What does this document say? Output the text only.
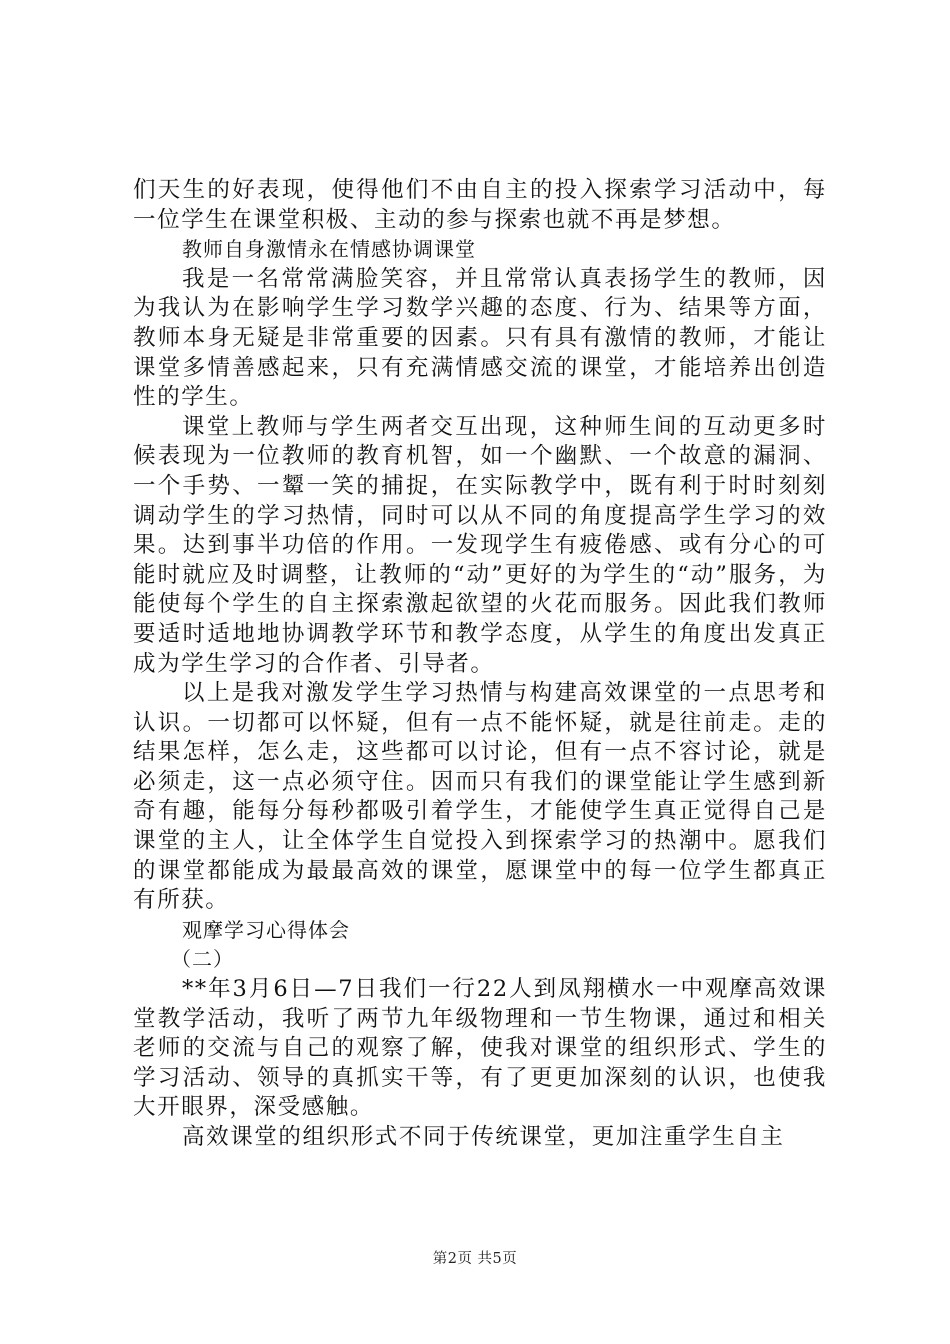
们天生的好表现，使得他们不由自主的投入探索学习活动中，每一位学生在课堂积极、主动的参与探索也就不再是梦想。

教师自身激情永在情感协调课堂

我是一名常常满脸笑容，并且常常认真表扬学生的教师，因为我认为在影响学生学习数学兴趣的态度、行为、结果等方面，教师本身无疑是非常重要的因素。只有具有激情的教师，才能让课堂多情善感起来，只有充满情感交流的课堂，才能培养出创造性的学生。

课堂上教师与学生两者交互出现，这种师生间的互动更多时候表现为一位教师的教育机智，如一个幽默、一个故意的漏洞、一个手势、一颦一笑的捕捉，在实际教学中，既有利于时时刻刻调动学生的学习热情，同时可以从不同的角度提高学生学习的效果。达到事半功倍的作用。一发现学生有疲倦感、或有分心的可能时就应及时调整，让教师的“动”更好的为学生的“动”服务，为能使每个学生的自主探索激起欲望的火花而服务。因此我们教师要适时适地地协调教学环节和教学态度，从学生的角度出发真正成为学生学习的合作者、引导者。

以上是我对激发学生学习热情与构建高效课堂的一点思考和认识。一切都可以怀疑，但有一点不能怀疑，就是往前走。走的结果怎样，怎么走，这些都可以讨论，但有一点不容讨论，就是必须走，这一点必须守住。因而只有我们的课堂能让学生感到新奇有趣，能每分每秒都吸引着学生，才能使学生真正觉得自己是课堂的主人，让全体学生自觉投入到探索学习的热潮中。愿我们的课堂都能成为最最高效的课堂，愿课堂中的每一位学生都真正有所获。

观摩学习心得体会

（二）

**年3月6日—7日我们一行22人到凤翔横水一中观摩高效课堂教学活动，我听了两节九年级物理和一节生物课，通过和相关老师的交流与自己的观察了解，使我对课堂的组织形式、学生的学习活动、领导的真抓实干等，有了更更加深刻的认识，也使我大开眼界，深受感触。

高效课堂的组织形式不同于传统课堂，更加注重学生自主

第2页 共5页
